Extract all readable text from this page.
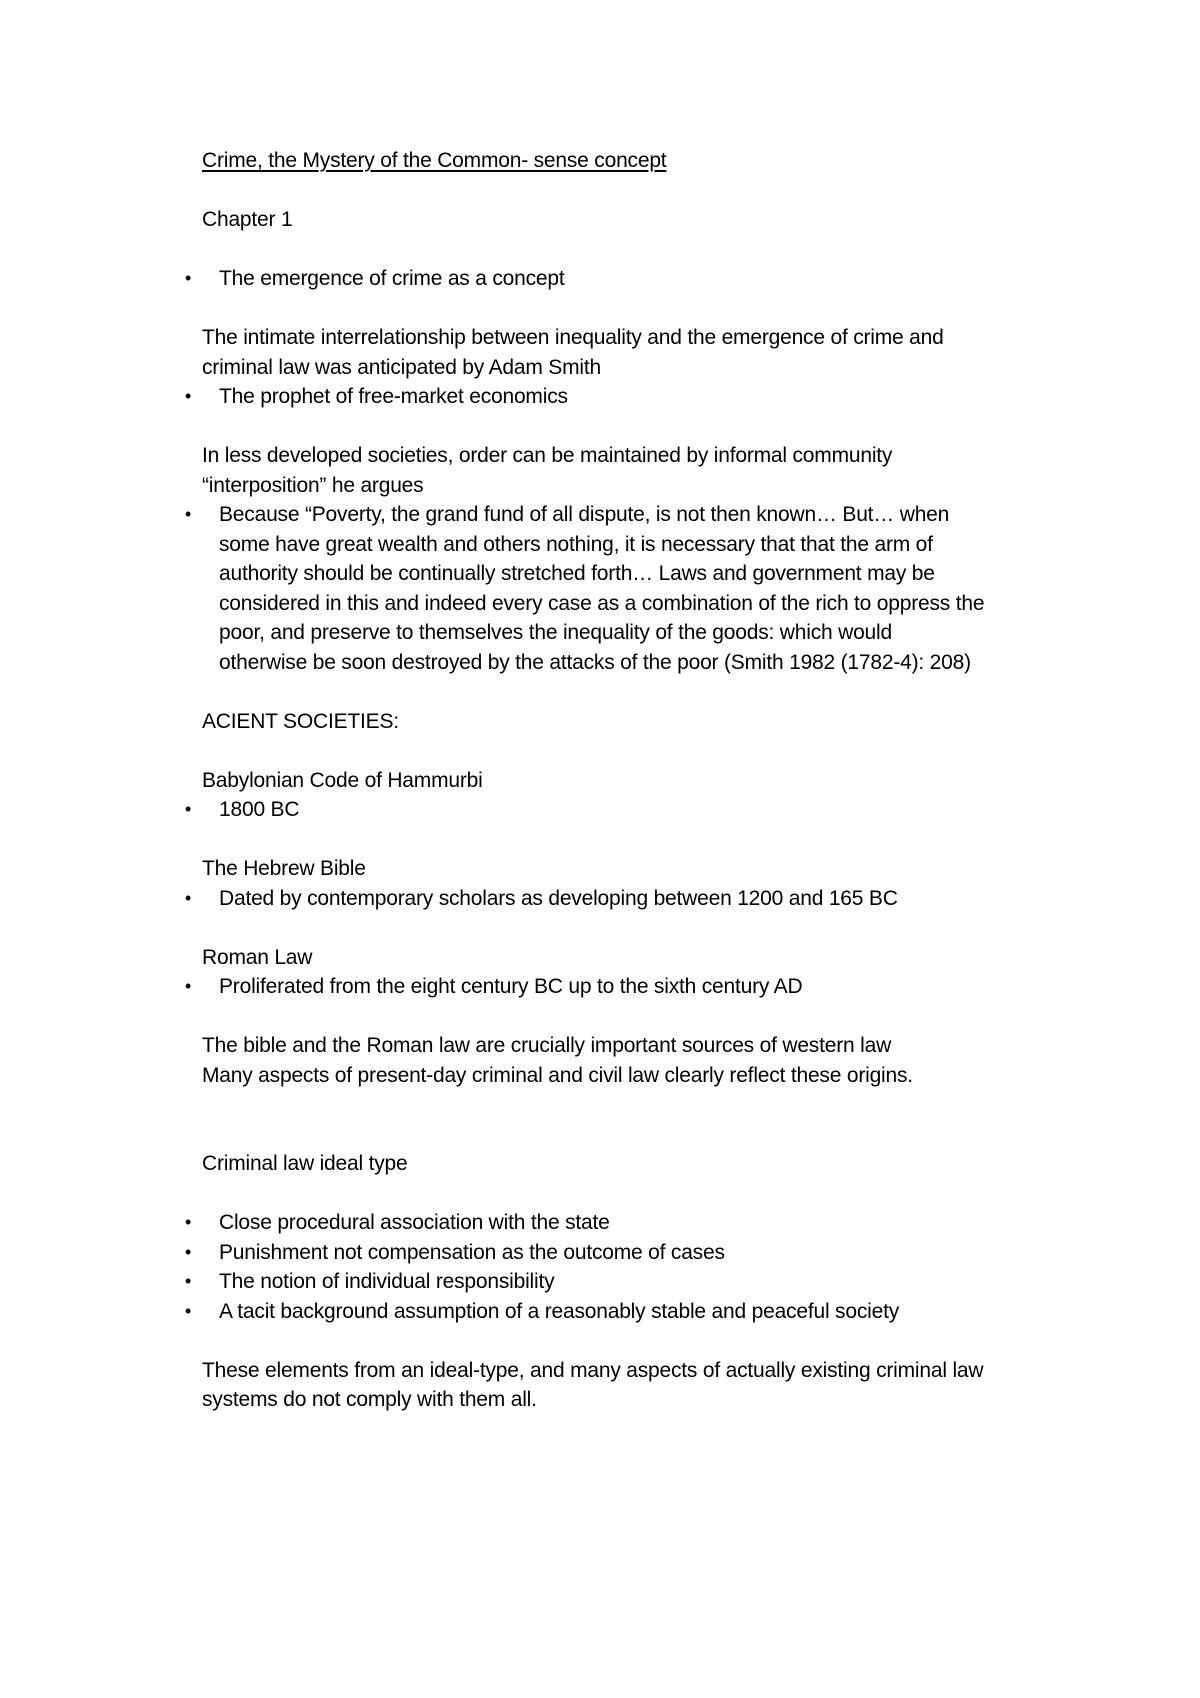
Crime, the Mystery of the Common- sense concept
Chapter 1
•	The emergence of crime as a concept
The intimate interrelationship between inequality and the emergence of crime and
criminal law was anticipated by Adam Smith
•	The prophet of free-market economics
In less developed societies, order can be maintained by informal community
“interposition” he argues
•	Because “Poverty, the grand fund of all dispute, is not then known… But… when
some have great wealth and others nothing, it is necessary that that the arm of
authority should be continually stretched forth… Laws and government may be
considered in this and indeed every case as a combination of the rich to oppress the
poor, and preserve to themselves the inequality of the goods: which would
otherwise be soon destroyed by the attacks of the poor (Smith 1982 (1782-4): 208)
ACIENT SOCIETIES:
Babylonian Code of Hammurbi
•	1800 BC
The Hebrew Bible
•	Dated by contemporary scholars as developing between 1200 and 165 BC
Roman Law
•	Proliferated from the eight century BC up to the sixth century AD
The bible and the Roman law are crucially important sources of western law
Many aspects of present-day criminal and civil law clearly reflect these origins.
Criminal law ideal type
•	Close procedural association with the state
•	Punishment not compensation as the outcome of cases
•	The notion of individual responsibility
•	A tacit background assumption of a reasonably stable and peaceful society
These elements from an ideal-type, and many aspects of actually existing criminal law
systems do not comply with them all.
